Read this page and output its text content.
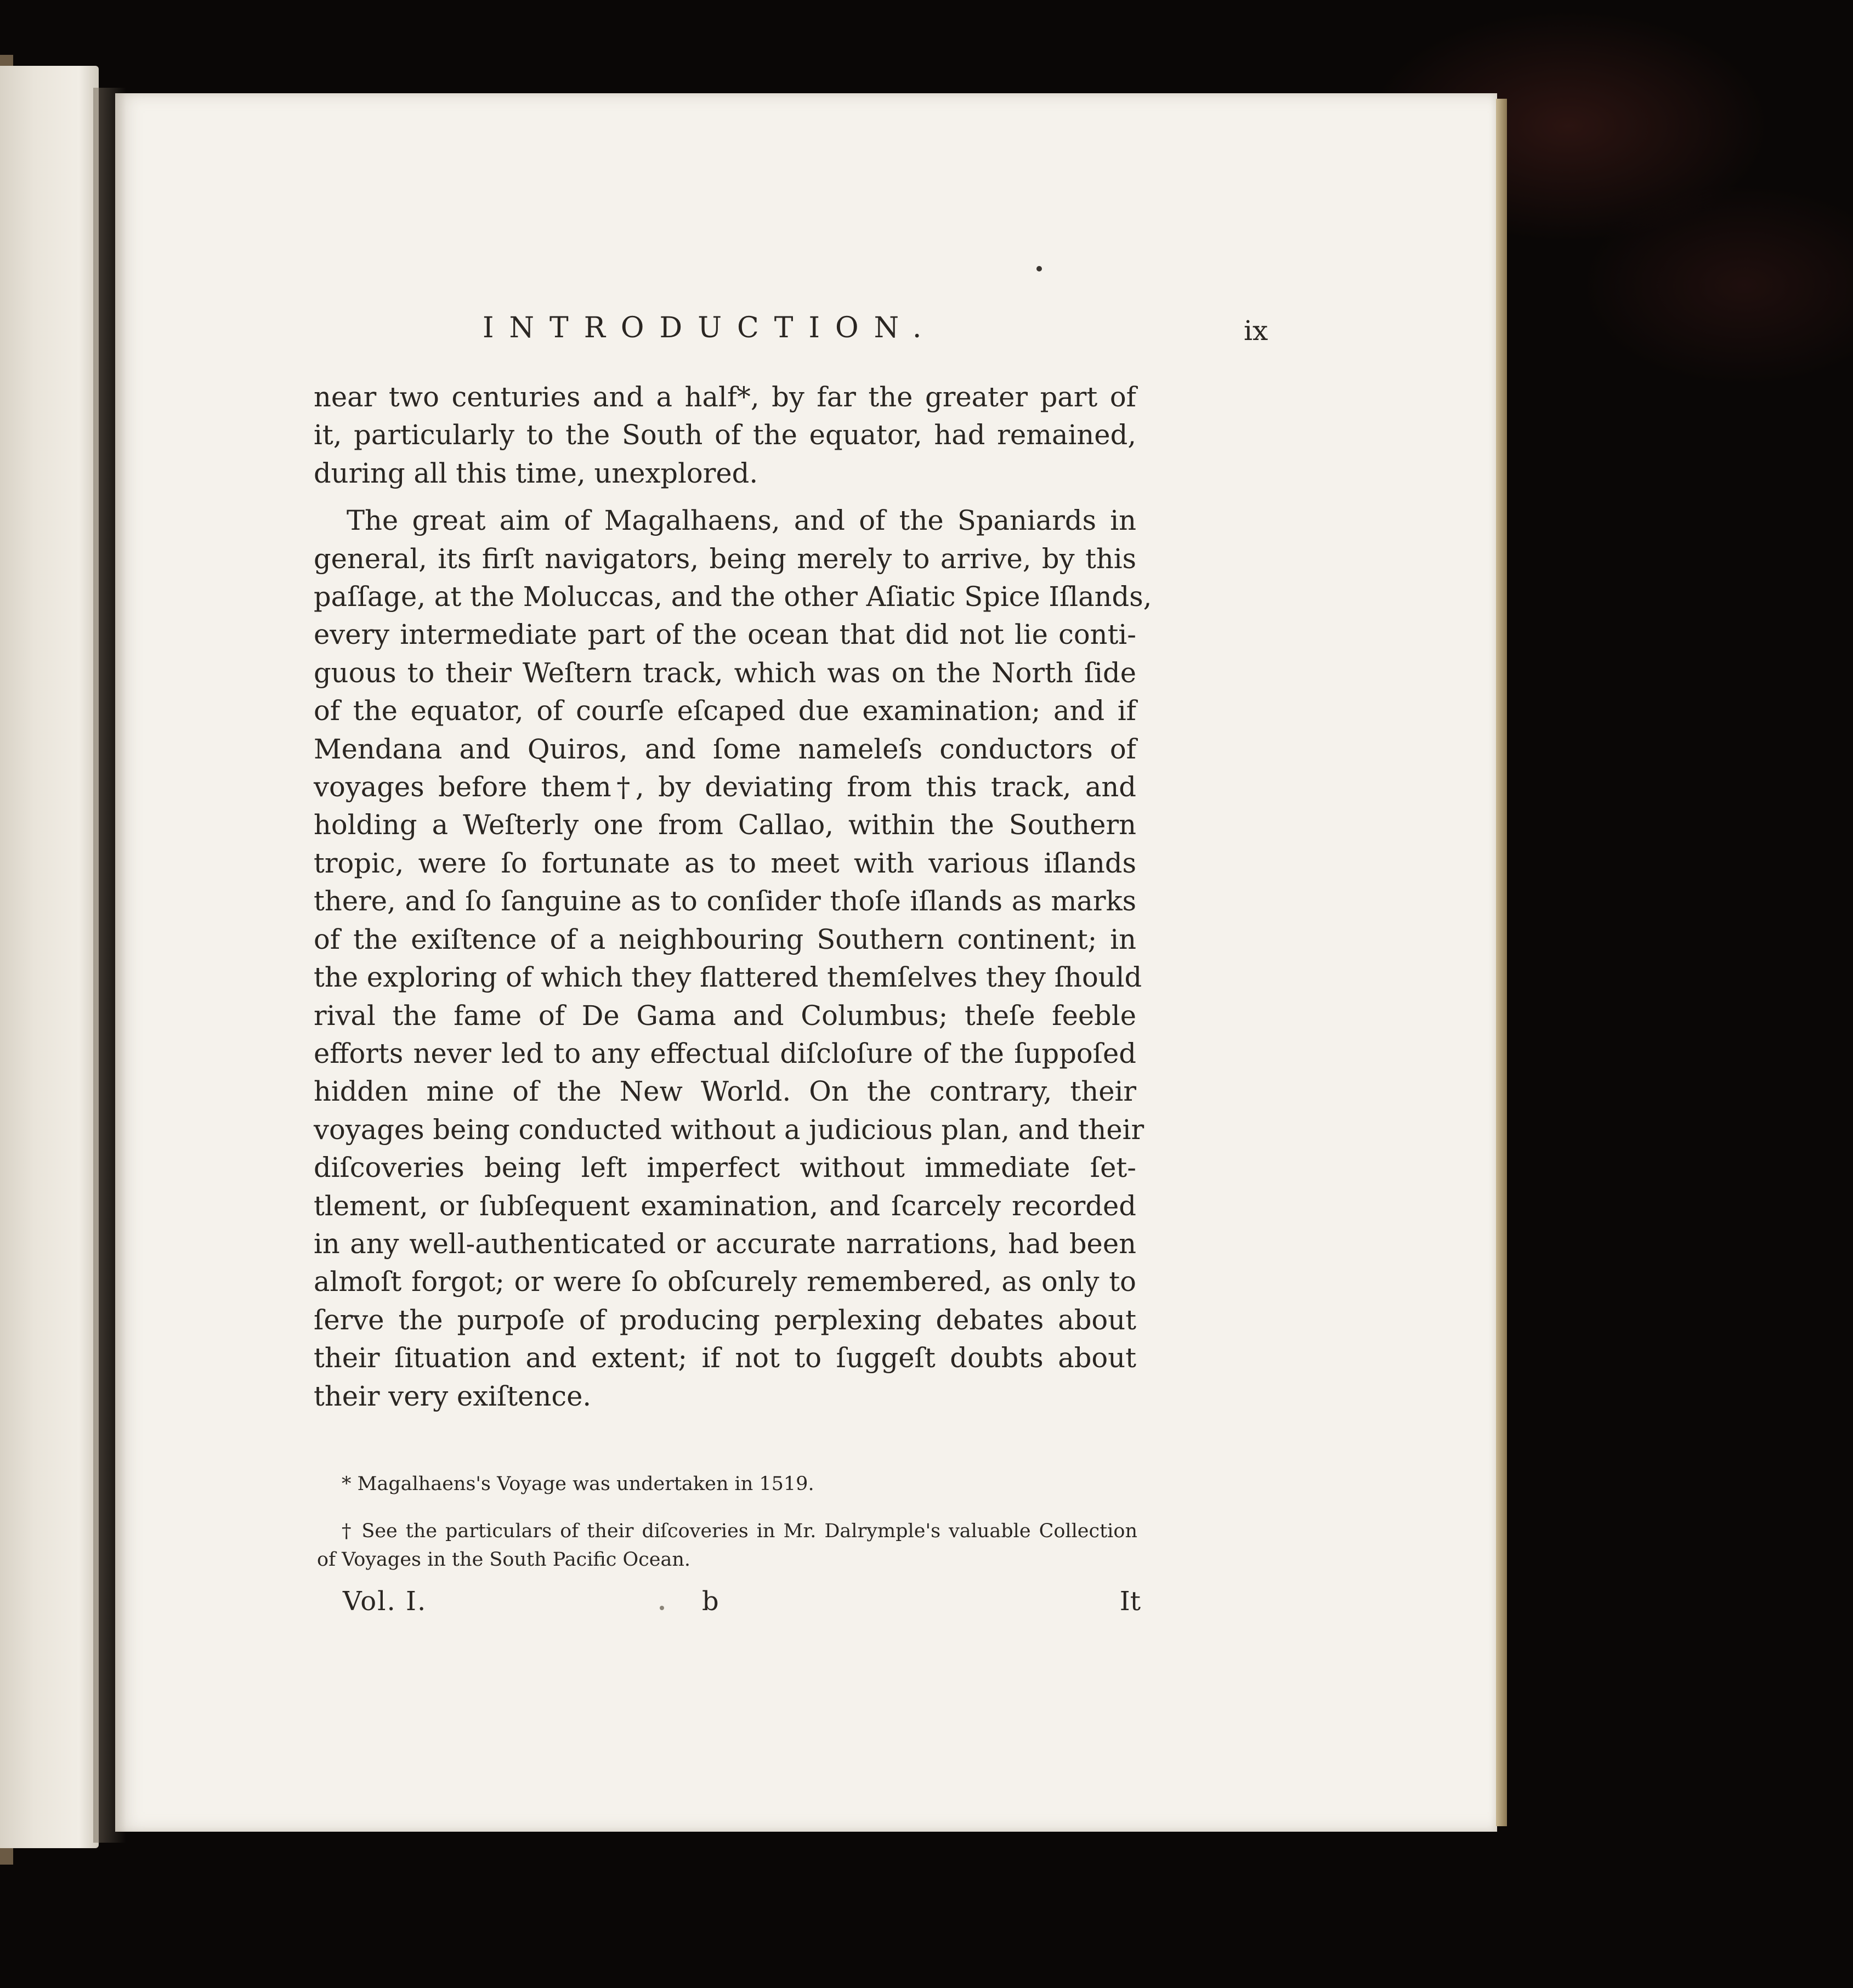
INTRODUCTION.	ix
near two centuries and a half*, by far the greater part of
it, particularly to the South of the equator, had remained,
during all this time, unexplored.
The great aim of Magalhaens, and of the Spaniards in
general, its firſt navigators, being merely to arrive, by this
paſſage, at the Moluccas, and the other Aſiatic Spice Iſlands,
every intermediate part of the ocean that did not lie conti-
guous to their Weſtern track, which was on the North ſide
of the equator, of courſe eſcaped due examination; and if
Mendana and Quiros, and ſome nameleſs conductors of
voyages before them†, by deviating from this track, and
holding a Weſterly one from Callao, within the Southern
tropic, were ſo fortunate as to meet with various iſlands
there, and ſo ſanguine as to conſider thoſe iſlands as marks
of the exiſtence of a neighbouring Southern continent; in
the exploring of which they flattered themſelves they ſhould
rival the fame of De Gama and Columbus; theſe feeble
efforts never led to any effectual diſcloſure of the ſuppoſed
hidden mine of the New World. On the contrary, their
voyages being conducted without a judicious plan, and their
diſcoveries being left imperfect without immediate ſet-
tlement, or ſubſequent examination, and ſcarcely recorded
in any well-authenticated or accurate narrations, had been
almoſt forgot; or were ſo obſcurely remembered, as only to
ſerve the purpoſe of producing perplexing debates about
their ſituation and extent; if not to ſuggeſt doubts about
their very exiſtence.
* Magalhaens's Voyage was undertaken in 1519.
† See the particulars of their diſcoveries in Mr. Dalrymple's valuable Collection
of Voyages in the South Pacific Ocean.
Vol. I.	b	It
